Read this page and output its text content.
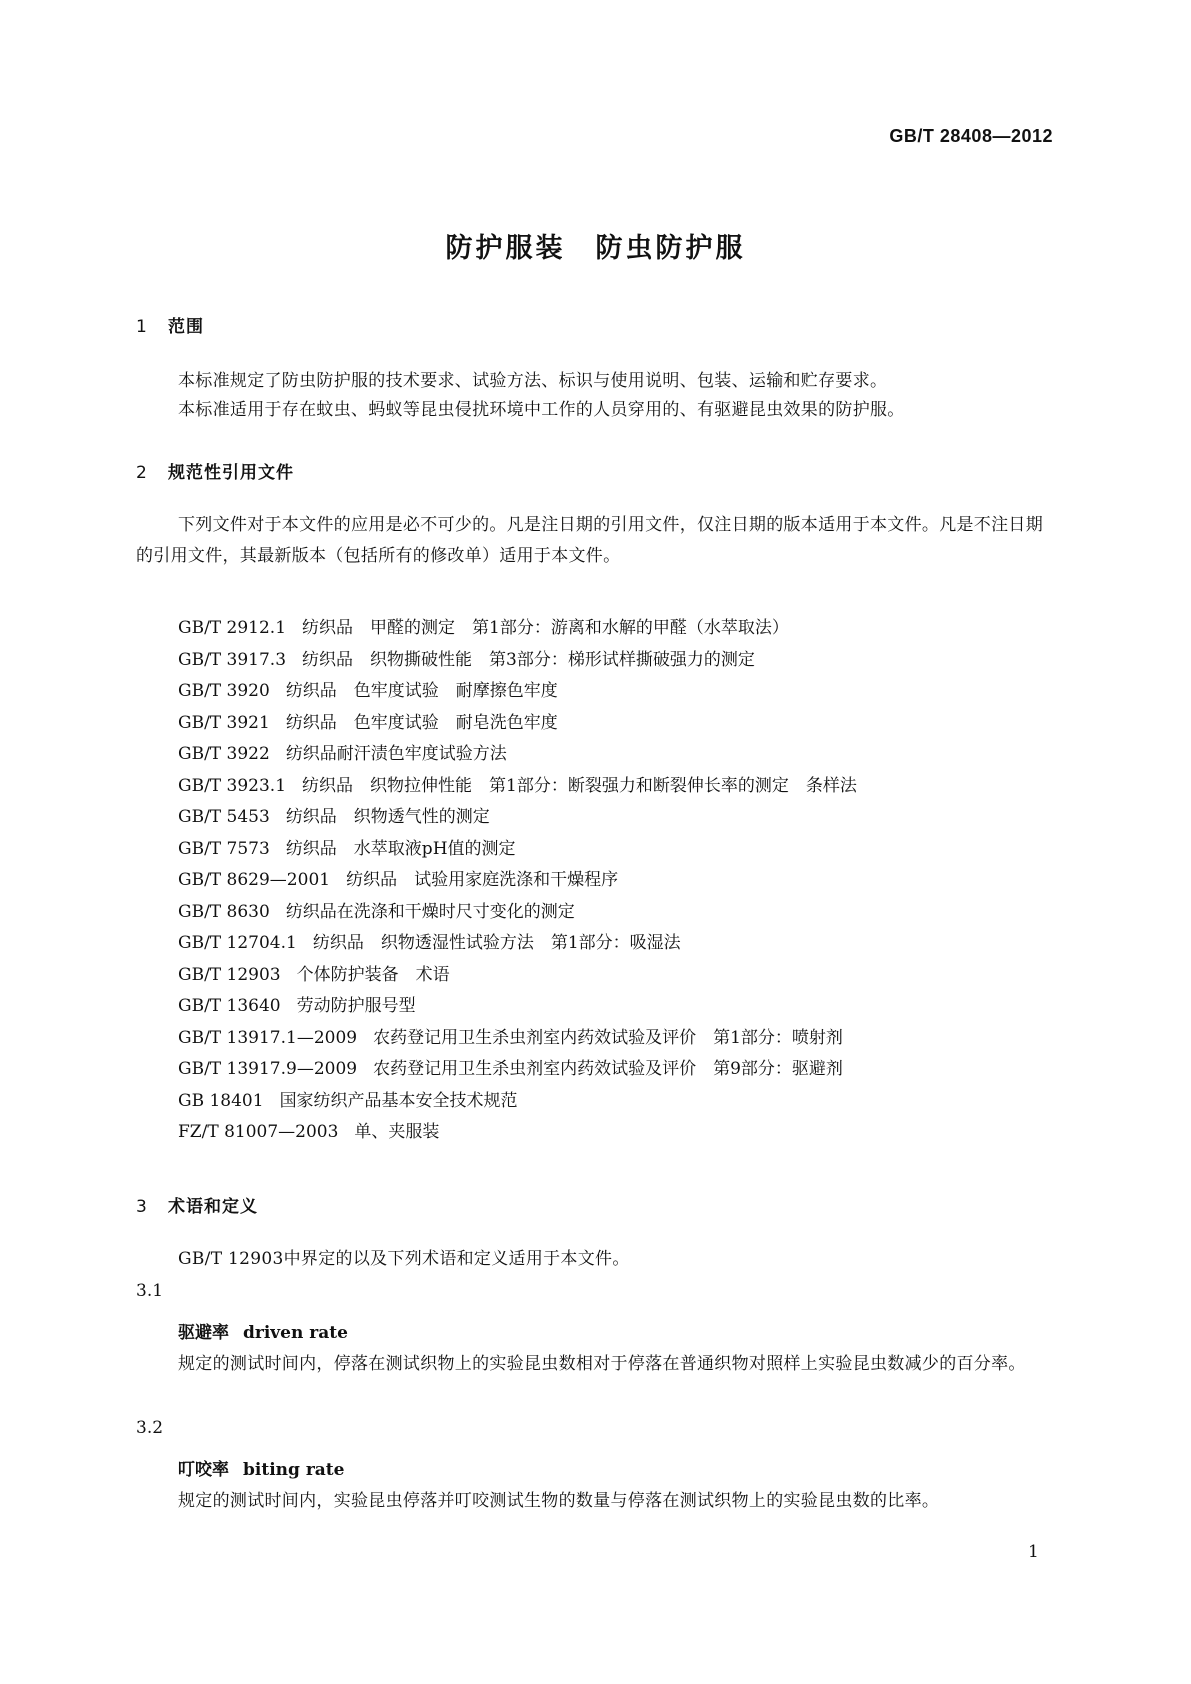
GB/T 28408—2012
防护服装　防虫防护服
1 范围
本标准规定了防虫防护服的技术要求、试验方法、标识与使用说明、包装、运输和贮存要求。
本标准适用于存在蚊虫、蚂蚁等昆虫侵扰环境中工作的人员穿用的、有驱避昆虫效果的防护服。
2 规范性引用文件
下列文件对于本文件的应用是必不可少的。凡是注日期的引用文件，仅注日期的版本适用于本文件。凡是不注日期的引用文件，其最新版本（包括所有的修改单）适用于本文件。
GB/T 2912.1 纺织品　甲醛的测定　第1部分：游离和水解的甲醛（水萃取法）
GB/T 3917.3 纺织品　织物撕破性能　第3部分：梯形试样撕破强力的测定
GB/T 3920 纺织品　色牢度试验　耐摩擦色牢度
GB/T 3921 纺织品　色牢度试验　耐皂洗色牢度
GB/T 3922 纺织品耐汗渍色牢度试验方法
GB/T 3923.1 纺织品　织物拉伸性能　第1部分：断裂强力和断裂伸长率的测定　条样法
GB/T 5453 纺织品　织物透气性的测定
GB/T 7573 纺织品　水萃取液pH值的测定
GB/T 8629—2001 纺织品　试验用家庭洗涤和干燥程序
GB/T 8630 纺织品在洗涤和干燥时尺寸变化的测定
GB/T 12704.1 纺织品　织物透湿性试验方法　第1部分：吸湿法
GB/T 12903 个体防护装备　术语
GB/T 13640 劳动防护服号型
GB/T 13917.1—2009 农药登记用卫生杀虫剂室内药效试验及评价　第1部分：喷射剂
GB/T 13917.9—2009 农药登记用卫生杀虫剂室内药效试验及评价　第9部分：驱避剂
GB 18401 国家纺织产品基本安全技术规范
FZ/T 81007—2003 单、夹服装
3 术语和定义
GB/T 12903中界定的以及下列术语和定义适用于本文件。
3.1
驱避率 driven rate
规定的测试时间内，停落在测试织物上的实验昆虫数相对于停落在普通织物对照样上实验昆虫数减少的百分率。
3.2
叮咬率 biting rate
规定的测试时间内，实验昆虫停落并叮咬测试生物的数量与停落在测试织物上的实验昆虫数的比率。
1
